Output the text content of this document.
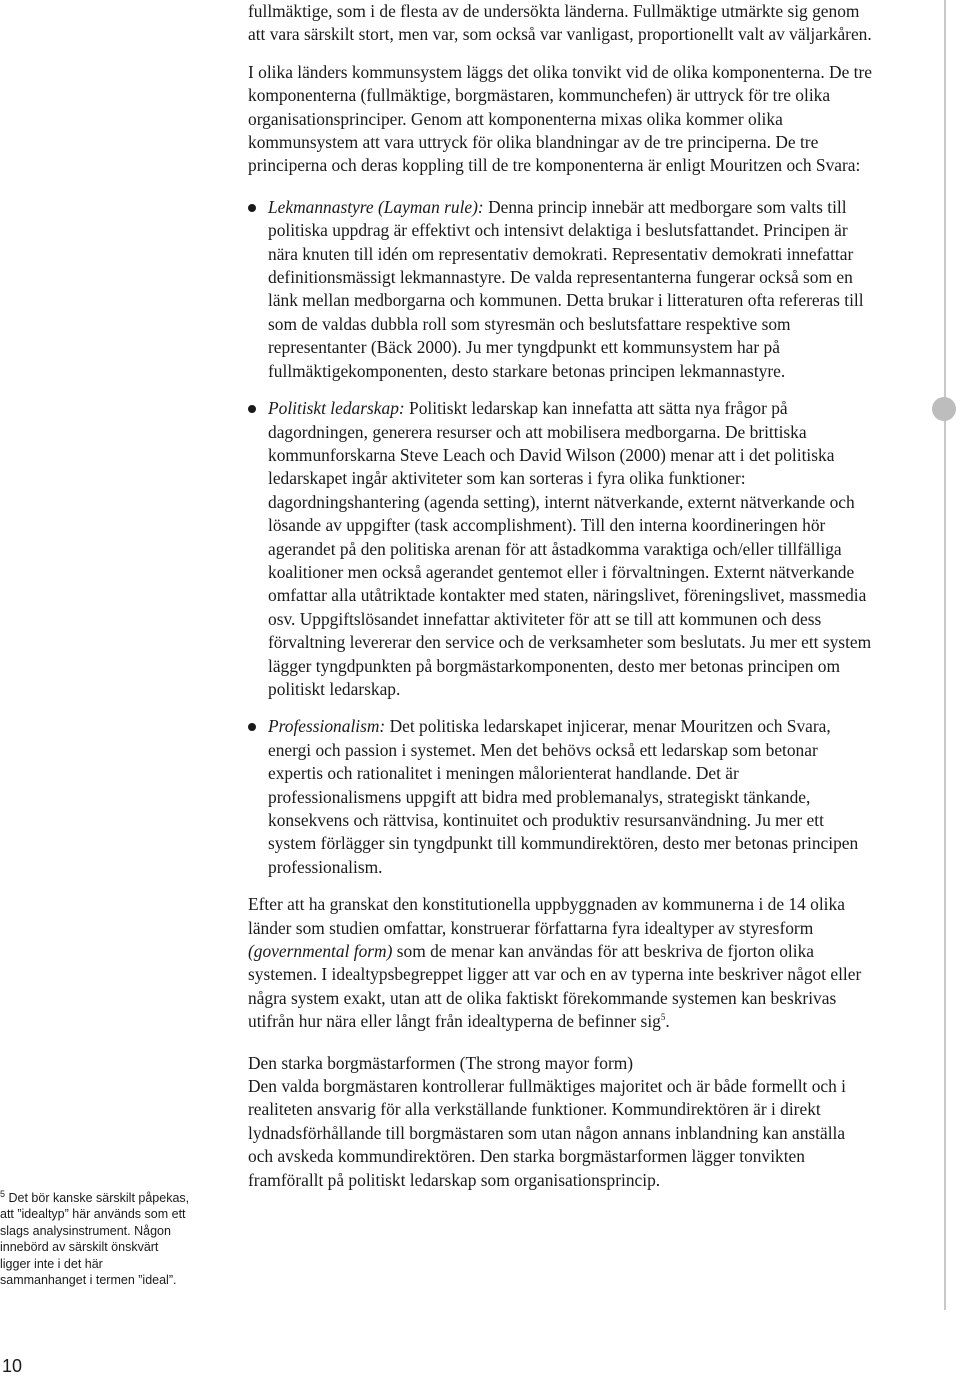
fullmäktige, som i de flesta av de undersökta länderna. Fullmäktige utmärkte sig genom att vara särskilt stort, men var, som också var vanligast, proportionellt valt av väljarkåren.

I olika länders kommunsystem läggs det olika tonvikt vid de olika komponenterna. De tre komponenterna (fullmäktige, borgmästaren, kommunchefen) är uttryck för tre olika organisationsprinciper. Genom att komponenterna mixas olika kommer olika kommunsystem att vara uttryck för olika blandningar av de tre principerna. De tre principerna och deras koppling till de tre komponenterna är enligt Mouritzen och Svara:

Lekmannastyre (Layman rule): Denna princip innebär att medborgare som valts till politiska uppdrag är effektivt och intensivt delaktiga i beslutsfattandet. Principen är nära knuten till idén om representativ demokrati. Representativ demokrati innefattar definitionsmässigt lekmannastyre. De valda representanterna fungerar också som en länk mellan medborgarna och kommunen. Detta brukar i litteraturen ofta refereras till som de valdas dubbla roll som styresmän och beslutsfattare respektive som representanter (Bäck 2000). Ju mer tyngdpunkt ett kommunsystem har på fullmäktigekomponenten, desto starkare betonas principen lekmannastyre.
Politiskt ledarskap: Politiskt ledarskap kan innefatta att sätta nya frågor på dagordningen, generera resurser och att mobilisera medborgarna. De brittiska kommunforskarna Steve Leach och David Wilson (2000) menar att i det politiska ledarskapet ingår aktiviteter som kan sorteras i fyra olika funktioner: dagordningshantering (agenda setting), internt nätverkande, externt nätverkande och lösande av uppgifter (task accomplishment). Till den interna koordineringen hör agerandet på den politiska arenan för att åstadkomma varaktiga och/eller tillfälliga koalitioner men också agerandet gentemot eller i förvaltningen. Externt nätverkande omfattar alla utåtriktade kontakter med staten, näringslivet, föreningslivet, massmedia osv. Uppgiftslösandet innefattar aktiviteter för att se till att kommunen och dess förvaltning levererar den service och de verksamheter som beslutats. Ju mer ett system lägger tyngdpunkten på borgmästarkomponenten, desto mer betonas principen om politiskt ledarskap.
Professionalism: Det politiska ledarskapet injicerar, menar Mouritzen och Svara, energi och passion i systemet. Men det behövs också ett ledarskap som betonar expertis och rationalitet i meningen målorienterat handlande. Det är professionalismens uppgift att bidra med problemanalys, strategiskt tänkande, konsekvens och rättvisa, kontinuitet och produktiv resursanvändning. Ju mer ett system förlägger sin tyngdpunkt till kommundirektören, desto mer betonas principen professionalism.

Efter att ha granskat den konstitutionella uppbyggnaden av kommunerna i de 14 olika länder som studien omfattar, konstruerar författarna fyra idealtyper av styresform (governmental form) som de menar kan användas för att beskriva de fjorton olika systemen. I idealtypsbegreppet ligger att var och en av typerna inte beskriver något eller några system exakt, utan att de olika faktiskt förekommande systemen kan beskrivas utifrån hur nära eller långt från idealtyperna de befinner sig$^5$.

Den starka borgmästarformen (The strong mayor form)

Den valda borgmästaren kontrollerar fullmäktiges majoritet och är både formellt och i realiteten ansvarig för alla verkställande funktioner. Kommundirektören är i direkt lydnadsförhållande till borgmästaren som utan någon annans inblandning kan anställa och avskeda kommundirektören. Den starka borgmästarformen lägger tonvikten framförallt på politiskt ledarskap som organisationsprincip.

$^5$ Det bör kanske särskilt påpekas, att ”idealtyp” här används som ett slags analysinstrument. Någon innebörd av särskilt önskvärt ligger inte i det här sammanhanget i termen ”ideal”.
10
